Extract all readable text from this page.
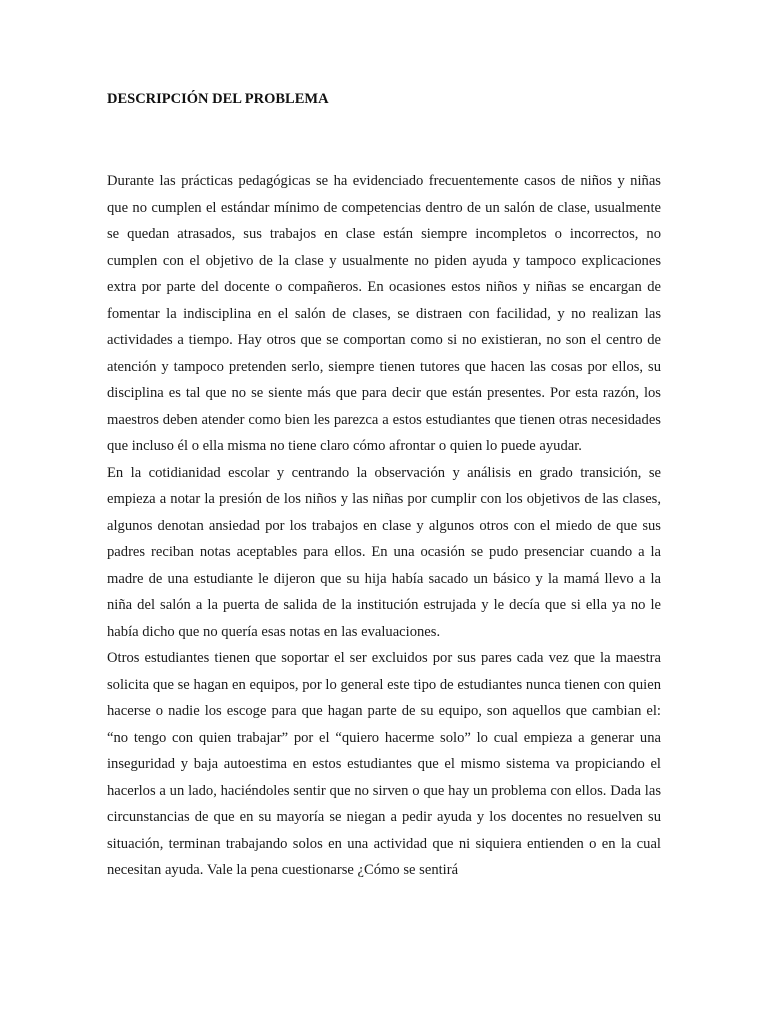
DESCRIPCIÓN DEL PROBLEMA

Durante las prácticas pedagógicas se ha evidenciado frecuentemente casos de niños y niñas que no cumplen el estándar mínimo de competencias dentro de un salón de clase, usualmente se quedan atrasados, sus trabajos en clase están siempre incompletos o incorrectos, no cumplen con el objetivo de la clase y usualmente no piden ayuda y tampoco explicaciones extra por parte del docente o compañeros. En ocasiones estos niños y niñas se encargan de fomentar la indisciplina en el salón de clases, se distraen con facilidad, y no realizan las actividades a tiempo. Hay otros que se comportan como si no existieran, no son el centro de atención y tampoco pretenden serlo, siempre tienen tutores que hacen las cosas por ellos, su disciplina es tal que no se siente más que para decir que están presentes. Por esta razón, los maestros deben atender como bien les parezca a estos estudiantes que tienen otras necesidades que incluso él o ella misma no tiene claro cómo afrontar o quien lo puede ayudar.

En la cotidianidad escolar y centrando la observación y análisis en grado transición, se empieza a notar la presión de los niños y las niñas por cumplir con los objetivos de las clases, algunos denotan ansiedad por los trabajos en clase y algunos otros con el miedo de que sus padres reciban notas aceptables para ellos. En una ocasión se pudo presenciar cuando a la madre de una estudiante le dijeron que su hija había sacado un básico y la mamá llevo a la niña del salón a la puerta de salida de la institución estrujada y le decía que si ella ya no le había dicho que no quería esas notas en las evaluaciones.

Otros estudiantes tienen que soportar el ser excluidos por sus pares cada vez que la maestra solicita que se hagan en equipos, por lo general este tipo de estudiantes nunca tienen con quien hacerse o nadie los escoge para que hagan parte de su equipo, son aquellos que cambian el: “no tengo con quien trabajar” por el “quiero hacerme solo” lo cual empieza a generar una inseguridad y baja autoestima en estos estudiantes que el mismo sistema va propiciando el hacerlos a un lado, haciéndoles sentir que no sirven o que hay un problema con ellos. Dada las circunstancias de que en su mayoría se niegan a pedir ayuda y los docentes no resuelven su situación, terminan trabajando solos en una actividad que ni siquiera entienden o en la cual necesitan ayuda. Vale la pena cuestionarse ¿Cómo se sentirá
